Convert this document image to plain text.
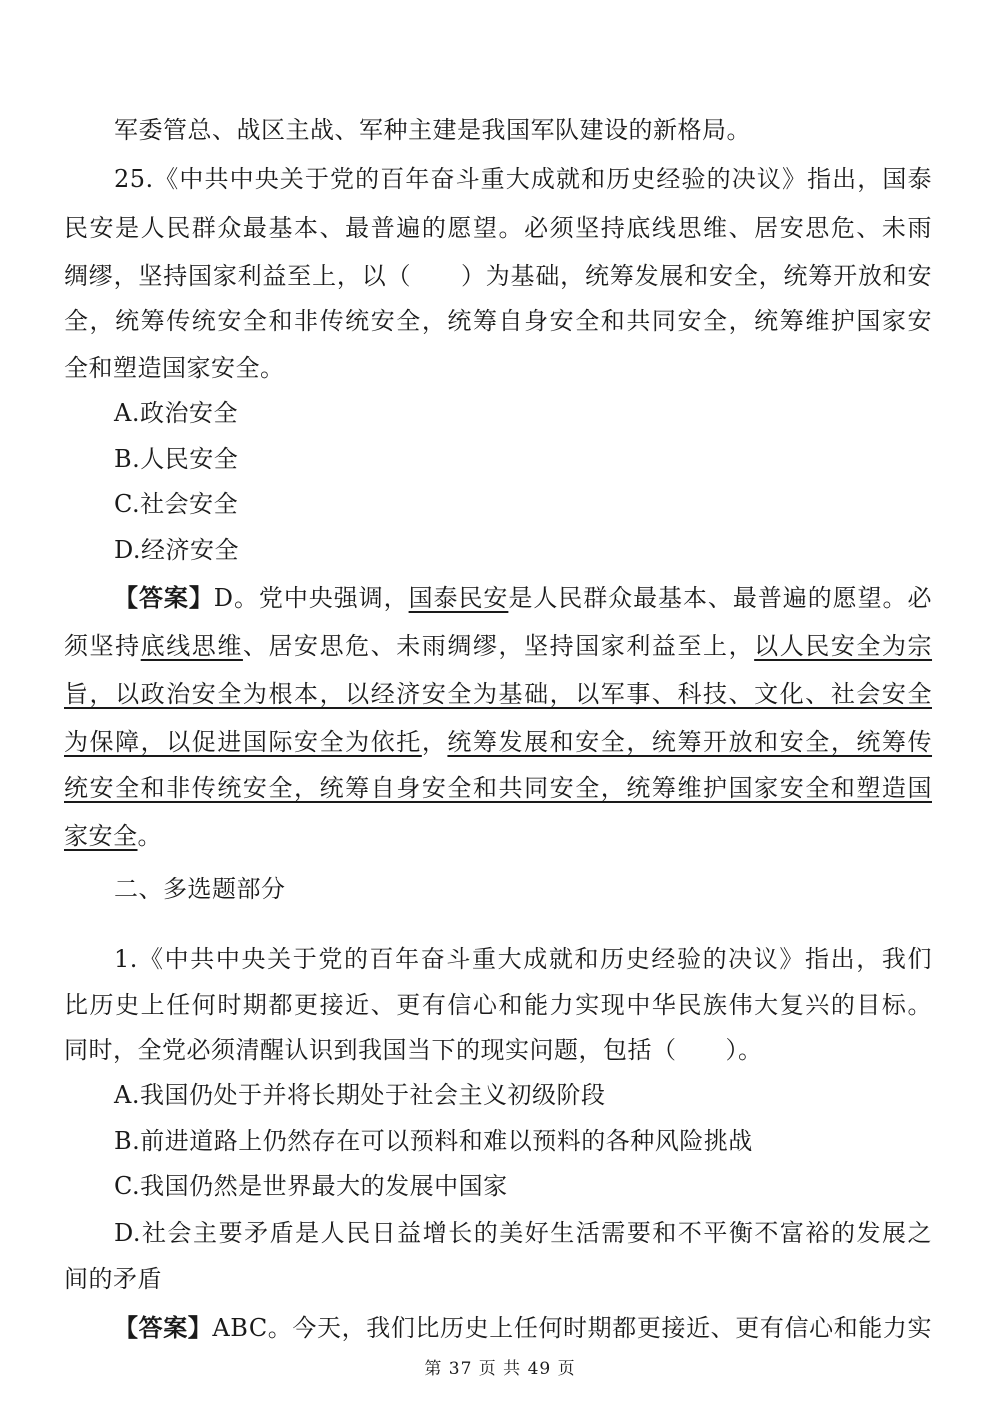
军委管总、战区主战、军种主建是我国军队建设的新格局。
25.《中共中央关于党的百年奋斗重大成就和历史经验的决议》指出，国泰
民安是人民群众最基本、最普遍的愿望。必须坚持底线思维、居安思危、未雨
绸缪，坚持国家利益至上，以（　　）为基础，统筹发展和安全，统筹开放和安
全，统筹传统安全和非传统安全，统筹自身安全和共同安全，统筹维护国家安
全和塑造国家安全。
A.政治安全
B.人民安全
C.社会安全
D.经济安全
【答案】D。党中央强调，国泰民安是人民群众最基本、最普遍的愿望。必
须坚持底线思维、居安思危、未雨绸缪，坚持国家利益至上，以人民安全为宗
旨，以政治安全为根本，以经济安全为基础，以军事、科技、文化、社会安全
为保障，以促进国际安全为依托，统筹发展和安全，统筹开放和安全，统筹传
统安全和非传统安全，统筹自身安全和共同安全，统筹维护国家安全和塑造国
家安全。
二、多选题部分
1.《中共中央关于党的百年奋斗重大成就和历史经验的决议》指出，我们
比历史上任何时期都更接近、更有信心和能力实现中华民族伟大复兴的目标。
同时，全党必须清醒认识到我国当下的现实问题，包括（　　）。
A.我国仍处于并将长期处于社会主义初级阶段
B.前进道路上仍然存在可以预料和难以预料的各种风险挑战
C.我国仍然是世界最大的发展中国家
D.社会主要矛盾是人民日益增长的美好生活需要和不平衡不富裕的发展之
间的矛盾
【答案】ABC。今天，我们比历史上任何时期都更接近、更有信心和能力实
第 37 页 共 49 页
